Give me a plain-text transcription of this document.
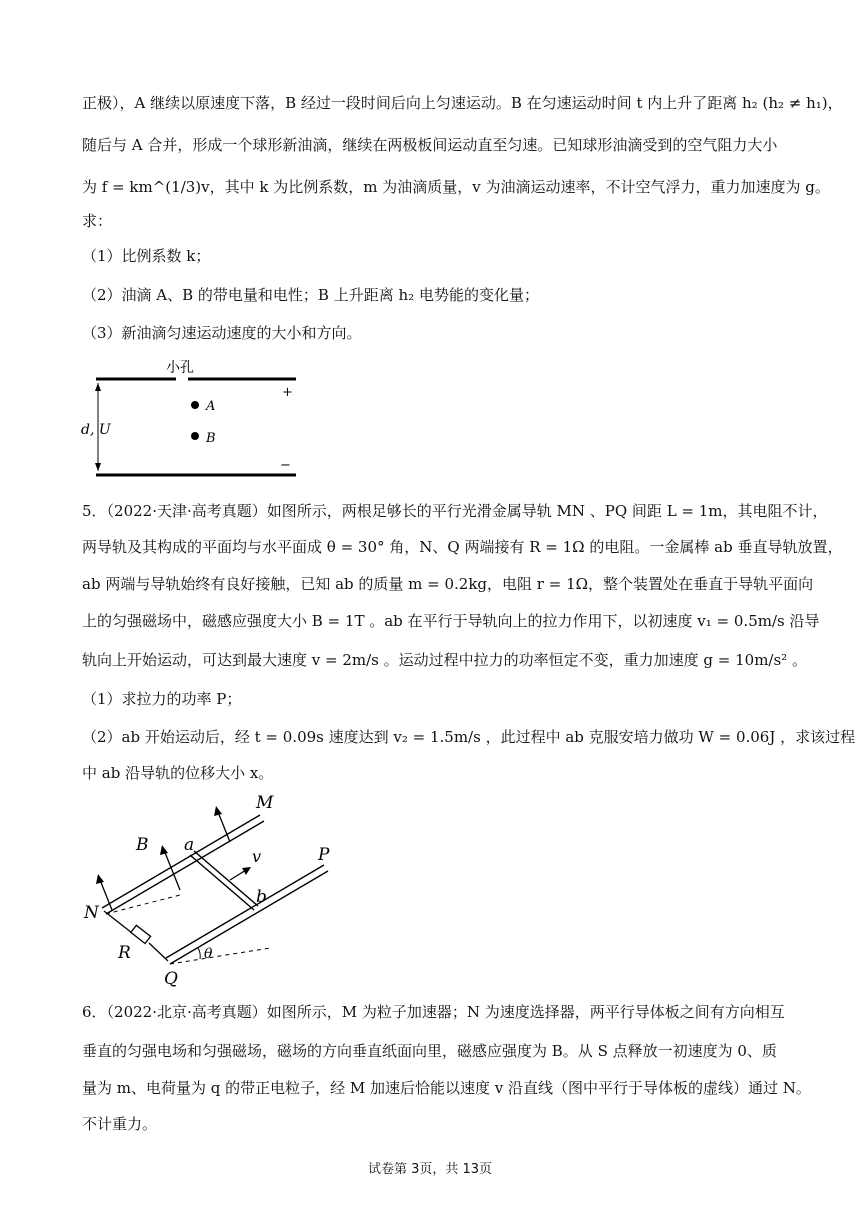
正极），A 继续以原速度下落，B 经过一段时间后向上匀速运动。B 在匀速运动时间 t 内上升了距离 h₂ (h₂ ≠ h₁)，
随后与 A 合并，形成一个球形新油滴，继续在两极板间运动直至匀速。已知球形油滴受到的空气阻力大小
为 f = km^(1/3)v，其中 k 为比例系数，m 为油滴质量，v 为油滴运动速率，不计空气浮力，重力加速度为 g。
求：
（1）比例系数 k；
（2）油滴 A、B 的带电量和电性；B 上升距离 h₂ 电势能的变化量；
（3）新油滴匀速运动速度的大小和方向。
小孔
+
−
d, U
A
B
5．（2022·天津·高考真题）如图所示，两根足够长的平行光滑金属导轨 MN 、PQ 间距 L = 1m，其电阻不计，
两导轨及其构成的平面均与水平面成 θ = 30° 角，N、Q 两端接有 R = 1Ω 的电阻。一金属棒 ab 垂直导轨放置，
ab 两端与导轨始终有良好接触，已知 ab 的质量 m = 0.2kg，电阻 r = 1Ω，整个装置处在垂直于导轨平面向
上的匀强磁场中，磁感应强度大小 B = 1T 。ab 在平行于导轨向上的拉力作用下，以初速度 v₁ = 0.5m/s 沿导
轨向上开始运动，可达到最大速度 v = 2m/s 。运动过程中拉力的功率恒定不变，重力加速度 g = 10m/s² 。
（1）求拉力的功率 P；
（2）ab 开始运动后，经 t = 0.09s 速度达到 v₂ = 1.5m/s ，此过程中 ab 克服安培力做功 W = 0.06J ，求该过程
中 ab 沿导轨的位移大小 x。
M
P
N
Q
B a
b
v
R	θ
6．（2022·北京·高考真题）如图所示，M 为粒子加速器；N 为速度选择器，两平行导体板之间有方向相互
垂直的匀强电场和匀强磁场，磁场的方向垂直纸面向里，磁感应强度为 B。从 S 点释放一初速度为 0、质
量为 m、电荷量为 q 的带正电粒子，经 M 加速后恰能以速度 v 沿直线（图中平行于导体板的虚线）通过 N。
不计重力。
试卷第 3页，共 13页
